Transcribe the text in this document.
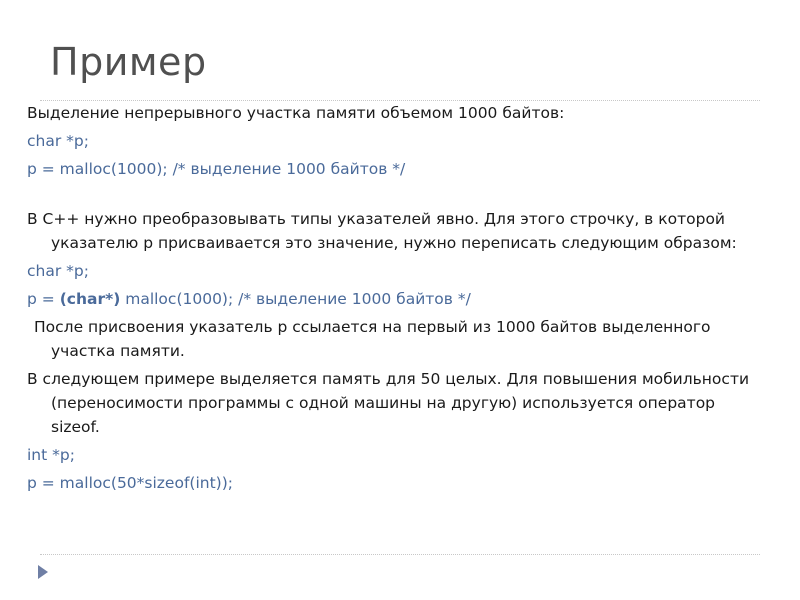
Пример

Выделение непрерывного участка памяти объемом 1000 байтов:

char *p;

p = malloc(1000); /* выделение 1000 байтов */

В C++ нужно преобразовывать типы указателей явно. Для этого строчку, в которой указателю p присваивается это значение, нужно переписать следующим образом:

char *p;

p = (char*) malloc(1000); /* выделение 1000 байтов */

После присвоения указатель p ссылается на первый из 1000 байтов выделенного участка памяти.

В следующем примере выделяется память для 50 целых. Для повышения мобильности (переносимости программы с одной машины на другую) используется оператор sizeof.

int *p;

p = malloc(50*sizeof(int));
